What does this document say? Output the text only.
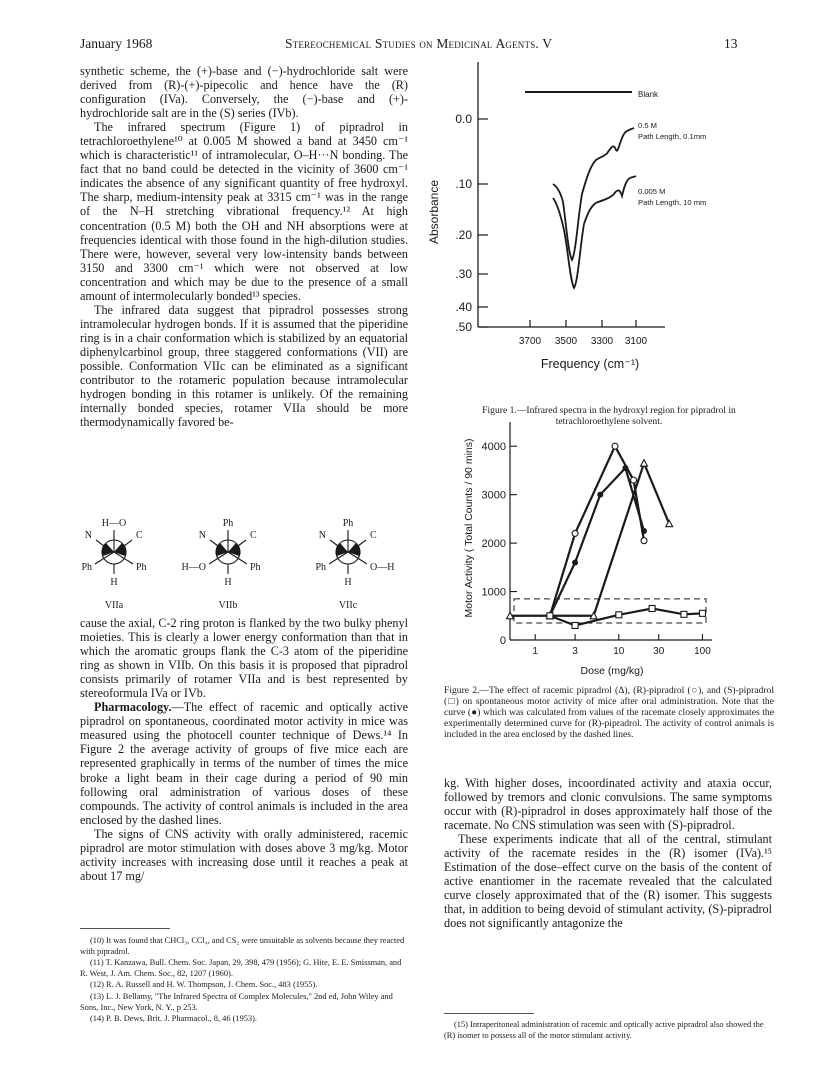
January 1968	Stereochemical Studies on Medicinal Agents. V	13

synthetic scheme, the (+)-base and (−)-hydrochloride salt were derived from (R)-(+)-pipecolic and hence have the (R) configuration (IVa). Conversely, the (−)-base and (+)-hydrochloride salt are in the (S) series (IVb).

The infrared spectrum (Figure 1) of pipradrol in tetrachloroethylene¹⁰ at 0.005 M showed a band at 3450 cm⁻¹ which is characteristic¹¹ of intramolecular, O–H···N bonding. The fact that no band could be detected in the vicinity of 3600 cm⁻¹ indicates the absence of any significant quantity of free hydroxyl. The sharp, medium-intensity peak at 3315 cm⁻¹ was in the range of the N–H stretching vibrational frequency.¹² At high concentration (0.5 M) both the OH and NH absorptions were at frequencies identical with those found in the high-dilution studies. There were, however, several very low-intensity bands between 3150 and 3300 cm⁻¹ which were not observed at low concentration and which may be due to the presence of a small amount of intermolecularly bonded¹³ species.

The infrared data suggest that pipradrol possesses strong intramolecular hydrogen bonds. If it is assumed that the piperidine ring is in a chair conformation which is stabilized by an equatorial diphenylcarbinol group, three staggered conformations (VII) are possible. Conformation VIIc can be eliminated as a significant contributor to the rotameric population because intramolecular hydrogen bonding in this rotamer is unlikely. Of the remaining internally bonded species, rotamer VIIa should be more thermodynamically favored be-

H—O
N	C
Ph	Ph
H
VIIa
Ph
N	C
H—O	Ph
H
VIIb
Ph
N	C
Ph	O—H
H
VIIc

cause the axial, C-2 ring proton is flanked by the two bulky phenyl moieties. This is clearly a lower energy conformation than that in which the aromatic groups flank the C-3 atom of the piperidine ring as shown in VIIb. On this basis it is proposed that pipradrol consists primarily of rotamer VIIa and is best represented by stereoformula IVa or IVb.

Pharmacology.—The effect of racemic and optically active pipradrol on spontaneous, coordinated motor activity in mice was measured using the photocell counter technique of Dews.¹⁴ In Figure 2 the average activity of groups of five mice each are represented graphically in terms of the number of times the mice broke a light beam in their cage during a period of 90 min following oral administration of various doses of these compounds. The activity of control animals is included in the area enclosed by the dashed lines.

The signs of CNS activity with orally administered, racemic pipradrol are motor stimulation with doses above 3 mg/kg. Motor activity increases with increasing dose until it reaches a peak at about 17 mg/

(10) It was found that CHCl₃, CCl₄, and CS₂ were unsuitable as solvents because they reacted with pipradrol.

(11) T. Kanzawa, Bull. Chem. Soc. Japan, 29, 398, 479 (1956); G. Hite, E. E. Smissman, and R. West, J. Am. Chem. Soc., 82, 1207 (1960).

(12) R. A. Russell and H. W. Thompson, J. Chem. Soc., 483 (1955).

(13) L. J. Bellamy, "The Infrared Spectra of Complex Molecules," 2nd ed, John Wiley and Sons, Inc., New York, N. Y., p 253.

(14) P. B. Dews, Brit. J. Pharmacol., 8, 46 (1953).

0.0
.10
.20
.30
.40
.50
3700 3500 3300 3100
Absorbance
Frequency (cm⁻¹)
Blank
0.5 M
Path Length, 0.1mm
0.005 M
Path Length, 10 mm
Figure 1.—Infrared spectra in the hydroxyl region for pipradrol in tetrachloroethylene solvent.
0
1000
2000
3000
4000
1	3	10	30	100
Motor Activity ( Total Counts / 90 mins)
Dose (mg/kg)
Figure 2.—The effect of racemic pipradrol (Δ), (R)-pipradrol (○), and (S)-pipradrol (□) on spontaneous motor activity of mice after oral administration. Note that the curve (●) which was calculated from values of the racemate closely approximates the experimentally determined curve for (R)-pipradrol. The activity of control animals is included in the area enclosed by the dashed lines.

kg. With higher doses, incoordinated activity and ataxia occur, followed by tremors and clonic convulsions. The same symptoms occur with (R)-pipradrol in doses approximately half those of the racemate. No CNS stimulation was seen with (S)-pipradrol.

These experiments indicate that all of the central, stimulant activity of the racemate resides in the (R) isomer (IVa).¹⁵ Estimation of the dose–effect curve on the basis of the content of active enantiomer in the racemate revealed that the calculated curve closely approximated that of the (R) isomer. This suggests that, in addition to being devoid of stimulant activity, (S)-pipradrol does not significantly antagonize the

(15) Intraperitoneal administration of racemic and optically active pipradrol also showed the (R) isomer to possess all of the motor stimulant activity.
